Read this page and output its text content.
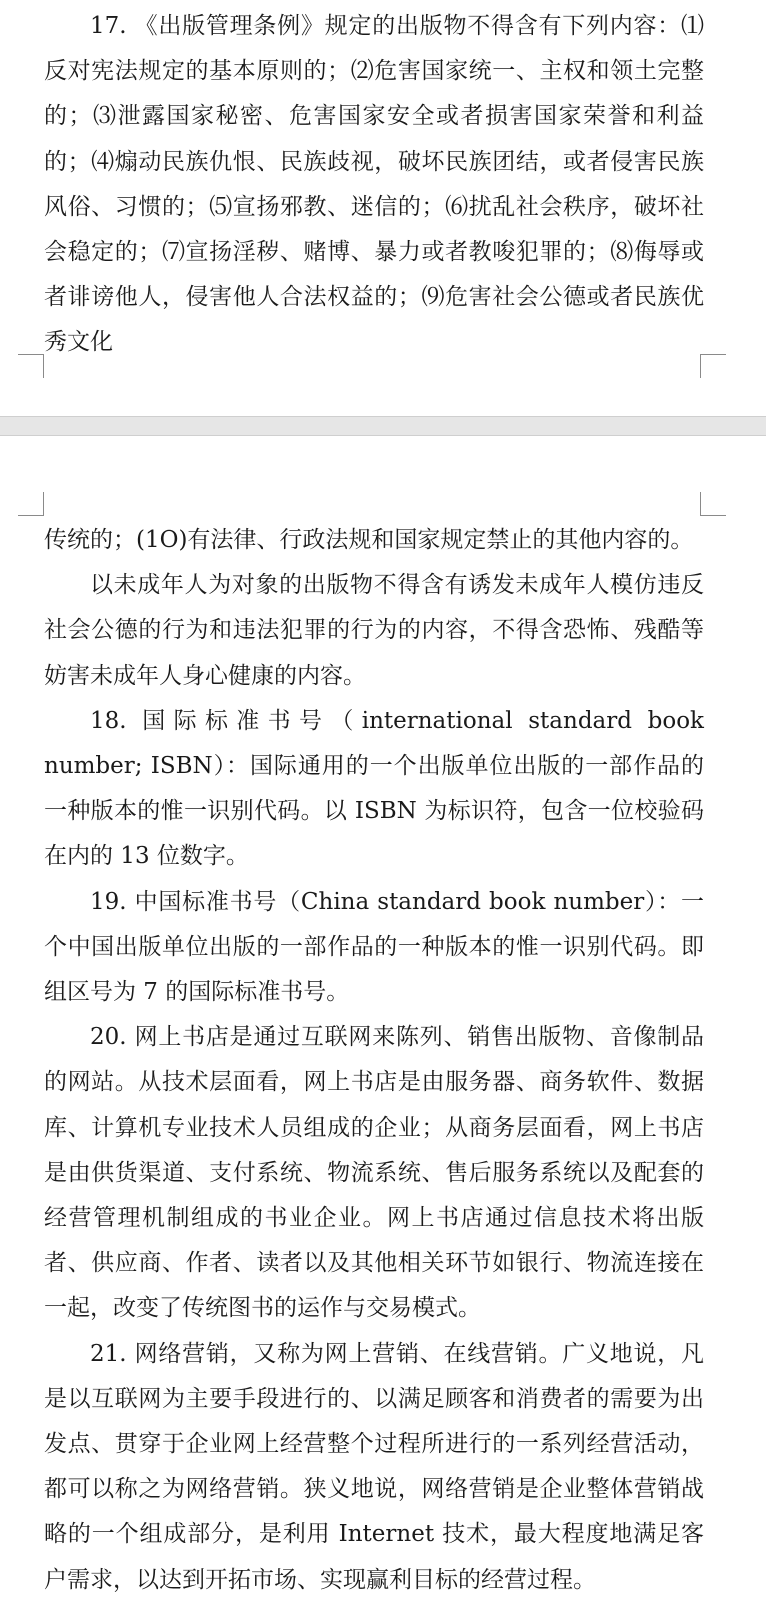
17. 《出版管理条例》规定的出版物不得含有下列内容：⑴反对宪法规定的基本原则的；⑵危害国家统一、主权和领土完整的；⑶泄露国家秘密、危害国家安全或者损害国家荣誉和利益的；⑷煽动民族仇恨、民族歧视，破坏民族团结，或者侵害民族风俗、习惯的；⑸宣扬邪教、迷信的；⑹扰乱社会秩序，破坏社会稳定的；⑺宣扬淫秽、赌博、暴力或者教唆犯罪的；⑻侮辱或者诽谤他人，侵害他人合法权益的；⑼危害社会公德或者民族优秀文化

传统的；(1O)有法律、行政法规和国家规定禁止的其他内容的。

以未成年人为对象的出版物不得含有诱发未成年人模仿违反社会公德的行为和违法犯罪的行为的内容，不得含恐怖、残酷等妨害未成年人身心健康的内容。

18. 国际标准书号（international standard book number; ISBN）：国际通用的一个出版单位出版的一部作品的一种版本的惟一识别代码。以 ISBN 为标识符，包含一位校验码在内的 13 位数字。

19. 中国标准书号（China standard book number）：一个中国出版单位出版的一部作品的一种版本的惟一识别代码。即组区号为 7 的国际标准书号。

20. 网上书店是通过互联网来陈列、销售出版物、音像制品的网站。从技术层面看，网上书店是由服务器、商务软件、数据库、计算机专业技术人员组成的企业；从商务层面看，网上书店是由供货渠道、支付系统、物流系统、售后服务系统以及配套的经营管理机制组成的书业企业。网上书店通过信息技术将出版者、供应商、作者、读者以及其他相关环节如银行、物流连接在一起，改变了传统图书的运作与交易模式。

21. 网络营销，又称为网上营销、在线营销。广义地说，凡是以互联网为主要手段进行的、以满足顾客和消费者的需要为出发点、贯穿于企业网上经营整个过程所进行的一系列经营活动，都可以称之为网络营销。狭义地说，网络营销是企业整体营销战略的一个组成部分，是利用 Internet 技术，最大程度地满足客户需求，以达到开拓市场、实现赢利目标的经营过程。
